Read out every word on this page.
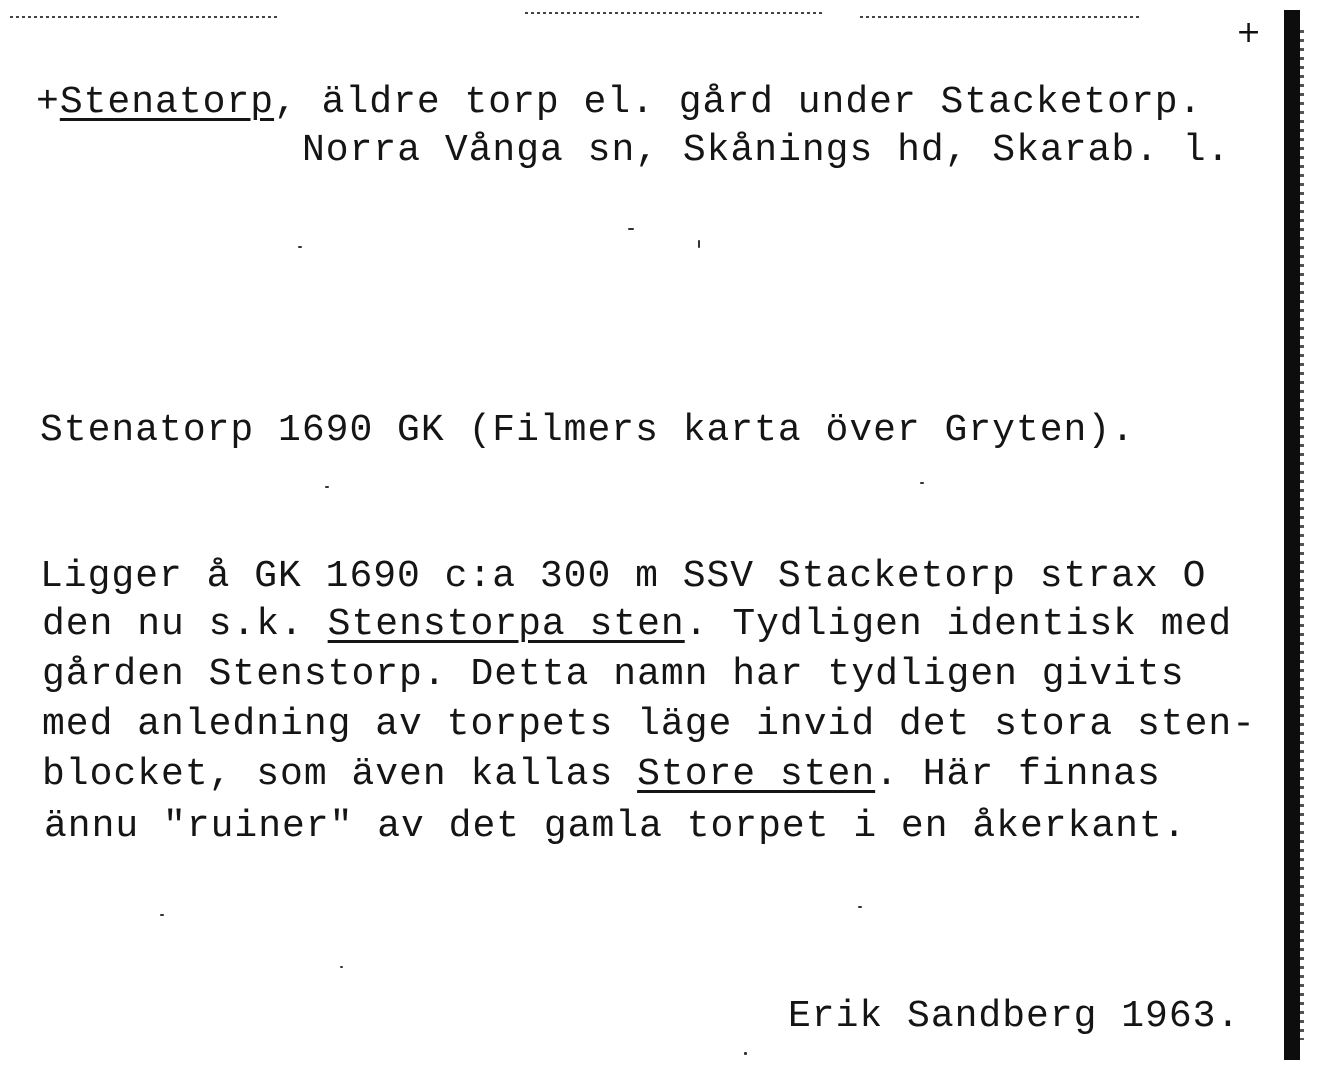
+
+Stenatorp, äldre torp el. gård under Stacketorp.
Norra Vånga sn, Skånings hd, Skarab. l.
Stenatorp 1690 GK (Filmers karta över Gryten).
Ligger å GK 1690 c:a 300 m SSV Stacketorp strax O
den nu s.k. Stenstorpa sten. Tydligen identisk med
gården Stenstorp. Detta namn har tydligen givits
med anledning av torpets läge invid det stora sten-
blocket, som även kallas Store sten. Här finnas
ännu "ruiner" av det gamla torpet i en åkerkant.
Erik Sandberg 1963.
